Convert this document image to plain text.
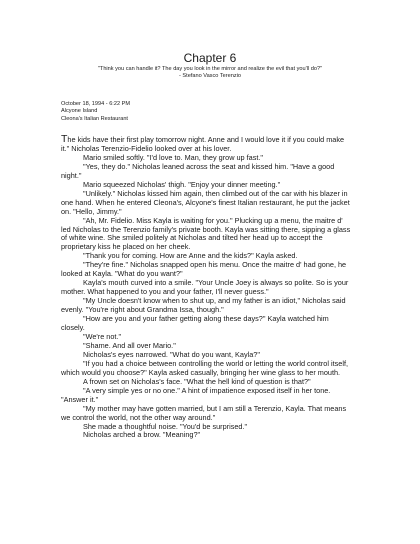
Chapter 6
"Think you can handle it? The day you look in the mirror and realize the evil that you'll do?"
- Stefano Vasco Terenzio
October 18, 1994 - 6:22 PM
Alcyone Island
Cleona's Italian Restaurant

The kids have their first play tomorrow night. Anne and I would love it if you could make it." Nicholas Terenzio-Fidelio looked over at his lover.

Mario smiled softly. "I'd love to. Man, they grow up fast."

"Yes, they do." Nicholas leaned across the seat and kissed him. "Have a good night."

Mario squeezed Nicholas' thigh. "Enjoy your dinner meeting."

"Unlikely." Nicholas kissed him again, then climbed out of the car with his blazer in one hand. When he entered Cleona's, Alcyone's finest Italian restaurant, he put the jacket on. "Hello, Jimmy."

"Ah, Mr. Fidelio. Miss Kayla is waiting for you." Plucking up a menu, the maitre d' led Nicholas to the Terenzio family's private booth. Kayla was sitting there, sipping a glass of white wine. She smiled politely at Nicholas and tilted her head up to accept the proprietary kiss he placed on her cheek.

"Thank you for coming. How are Anne and the kids?" Kayla asked.

"They're fine." Nicholas snapped open his menu. Once the maitre d' had gone, he looked at Kayla. "What do you want?"

Kayla's mouth curved into a smile. "Your Uncle Joey is always so polite. So is your mother. What happened to you and your father, I'll never guess."

"My Uncle doesn't know when to shut up, and my father is an idiot," Nicholas said evenly. "You're right about Grandma Issa, though."

"How are you and your father getting along these days?" Kayla watched him closely.

"We're not."

"Shame. And all over Mario."

Nicholas's eyes narrowed. "What do you want, Kayla?"

"If you had a choice between controlling the world or letting the world control itself, which would you choose?" Kayla asked casually, bringing her wine glass to her mouth.

A frown set on Nicholas's face. "What the hell kind of question is that?"

"A very simple yes or no one." A hint of impatience exposed itself in her tone. "Answer it."

"My mother may have gotten married, but I am still a Terenzio, Kayla. That means we control the world, not the other way around."

She made a thoughtful noise. "You'd be surprised."

Nicholas arched a brow. "Meaning?"
